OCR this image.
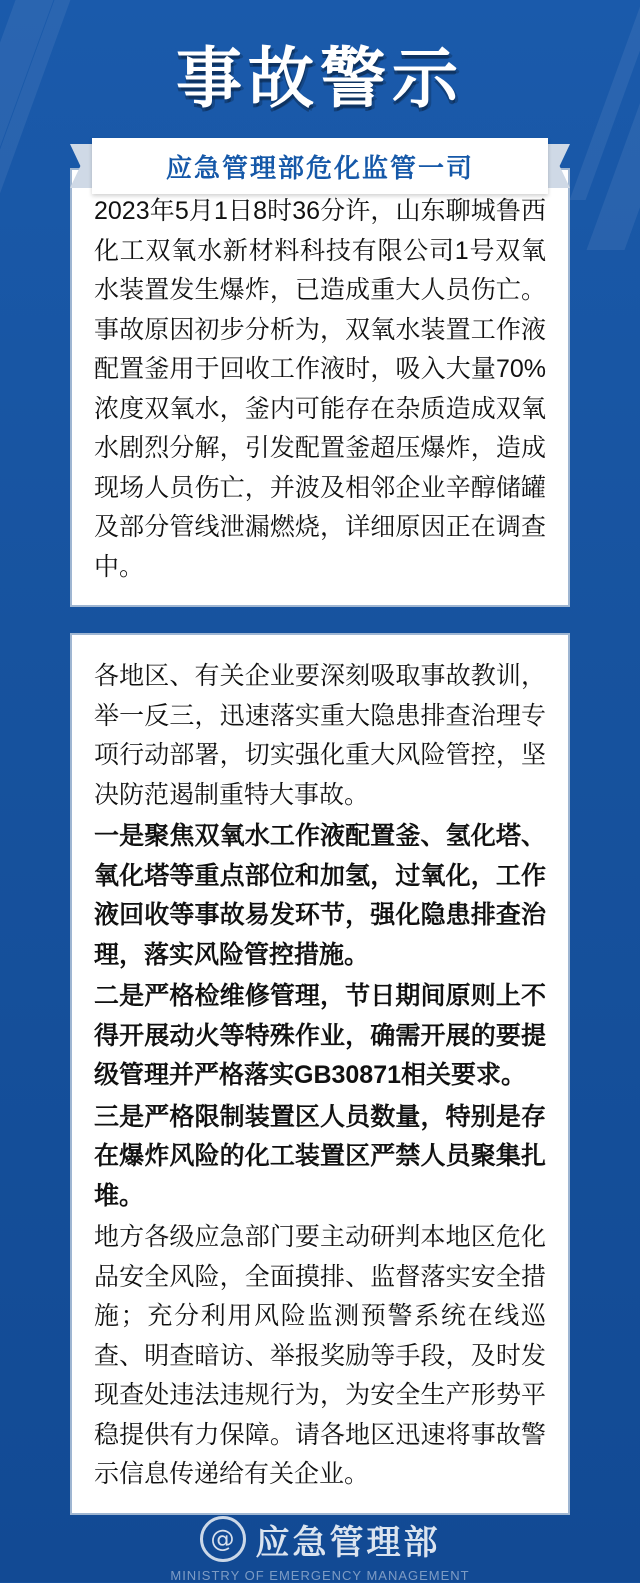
事故警示
应急管理部危化监管一司

2023年5月1日8时36分许，山东聊城鲁西化工双氧水新材料科技有限公司1号双氧水装置发生爆炸，已造成重大人员伤亡。事故原因初步分析为，双氧水装置工作液配置釜用于回收工作液时，吸入大量70%浓度双氧水，釜内可能存在杂质造成双氧水剧烈分解，引发配置釜超压爆炸，造成现场人员伤亡，并波及相邻企业辛醇储罐及部分管线泄漏燃烧，详细原因正在调查中。

各地区、有关企业要深刻吸取事故教训，举一反三，迅速落实重大隐患排查治理专项行动部署，切实强化重大风险管控，坚决防范遏制重特大事故。

一是聚焦双氧水工作液配置釜、氢化塔、氧化塔等重点部位和加氢，过氧化，工作液回收等事故易发环节，强化隐患排查治理，落实风险管控措施。

二是严格检维修管理，节日期间原则上不得开展动火等特殊作业，确需开展的要提级管理并严格落实GB30871相关要求。

三是严格限制装置区人员数量，特别是存在爆炸风险的化工装置区严禁人员聚集扎堆。

地方各级应急部门要主动研判本地区危化品安全风险，全面摸排、监督落实安全措施；充分利用风险监测预警系统在线巡查、明查暗访、举报奖励等手段，及时发现查处违法违规行为，为安全生产形势平稳提供有力保障。请各地区迅速将事故警示信息传递给有关企业。

@ 应急管理部
MINISTRY OF EMERGENCY MANAGEMENT
